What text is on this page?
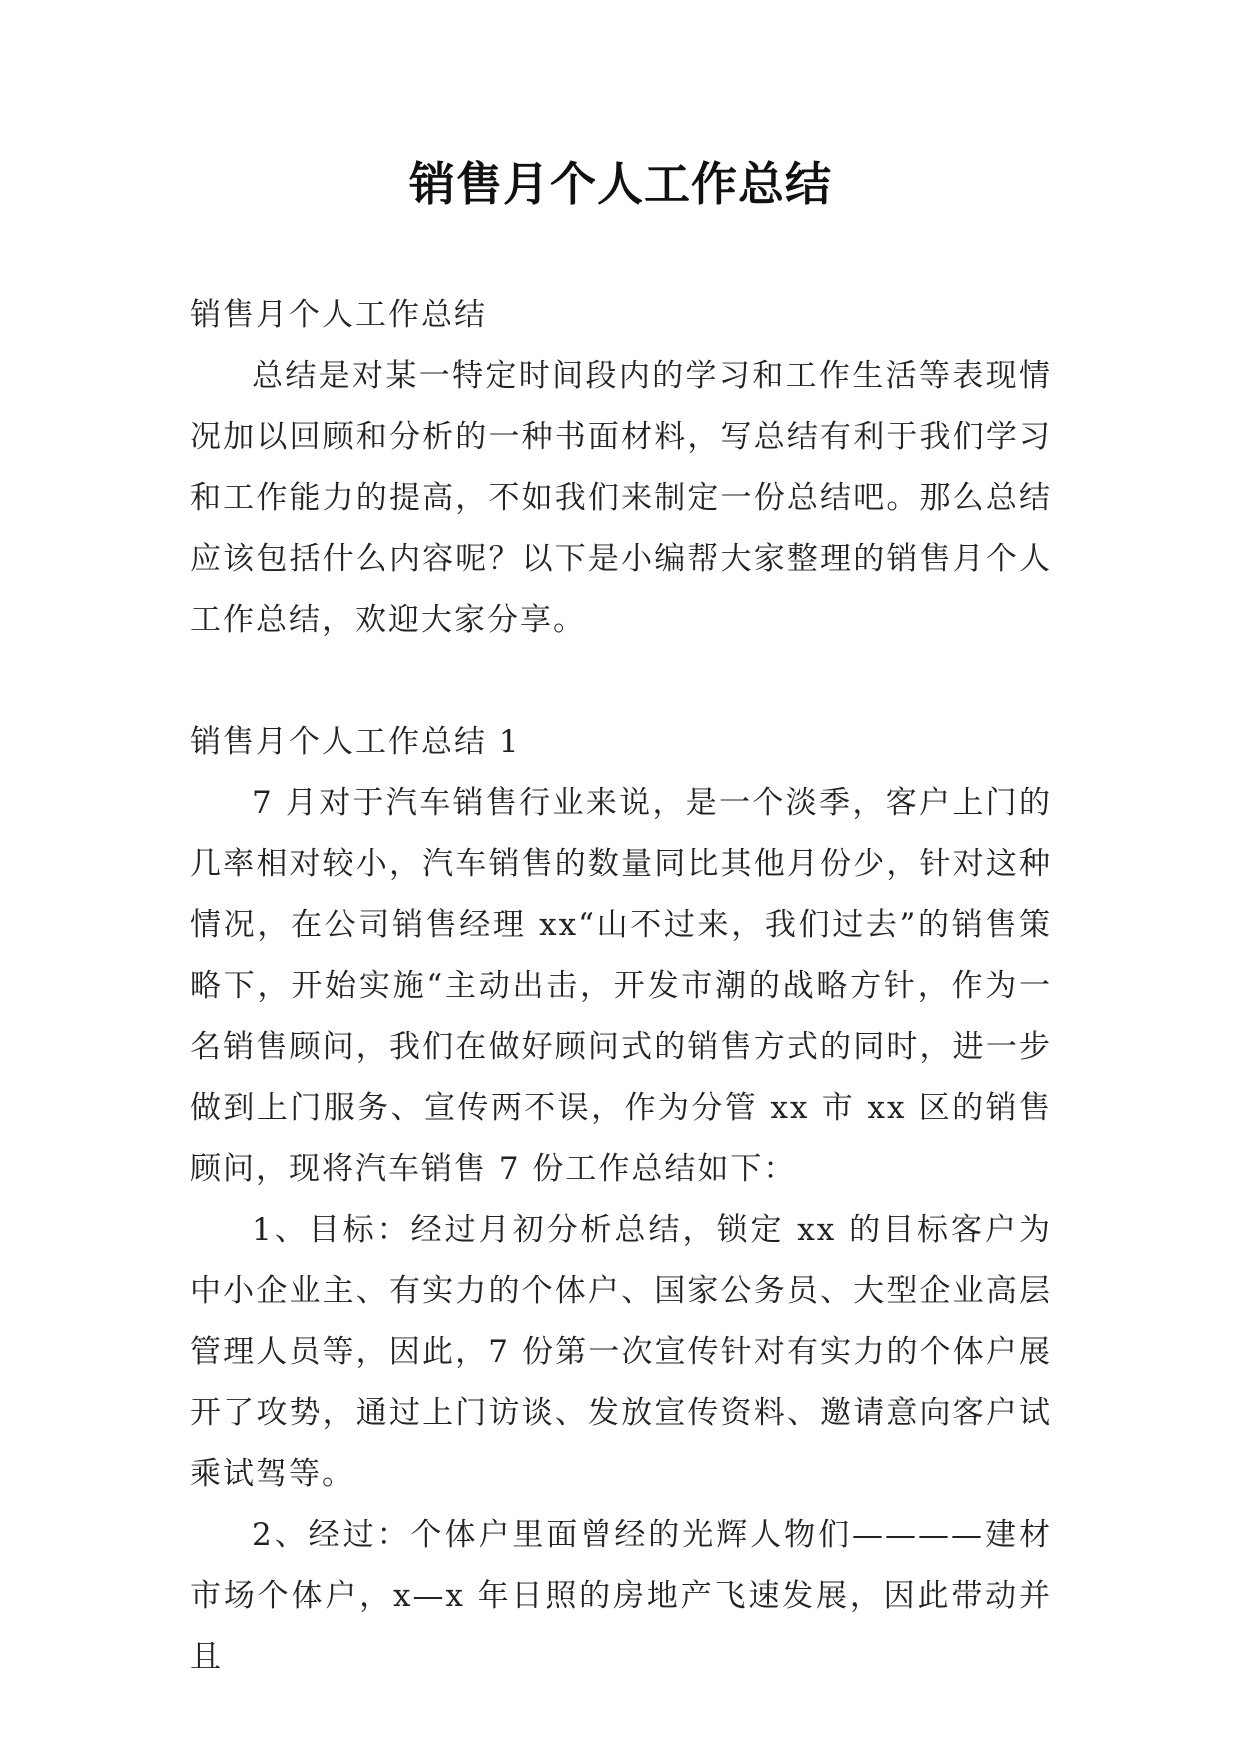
销售月个人工作总结

销售月个人工作总结

总结是对某一特定时间段内的学习和工作生活等表现情况加以回顾和分析的一种书面材料，写总结有利于我们学习和工作能力的提高，不如我们来制定一份总结吧。那么总结应该包括什么内容呢？以下是小编帮大家整理的销售月个人工作总结，欢迎大家分享。

销售月个人工作总结 1

7 月对于汽车销售行业来说，是一个淡季，客户上门的几率相对较小，汽车销售的数量同比其他月份少，针对这种情况，在公司销售经理 xx“山不过来，我们过去”的销售策略下，开始实施“主动出击，开发市潮的战略方针，作为一名销售顾问，我们在做好顾问式的销售方式的同时，进一步做到上门服务、宣传两不误，作为分管 xx 市 xx 区的销售顾问，现将汽车销售 7 份工作总结如下：

1、目标：经过月初分析总结，锁定 xx 的目标客户为中小企业主、有实力的个体户、国家公务员、大型企业高层管理人员等，因此，7 份第一次宣传针对有实力的个体户展开了攻势，通过上门访谈、发放宣传资料、邀请意向客户试乘试驾等。

2、经过：个体户里面曾经的光辉人物们————建材市场个体户，x—x 年日照的房地产飞速发展，因此带动并且
